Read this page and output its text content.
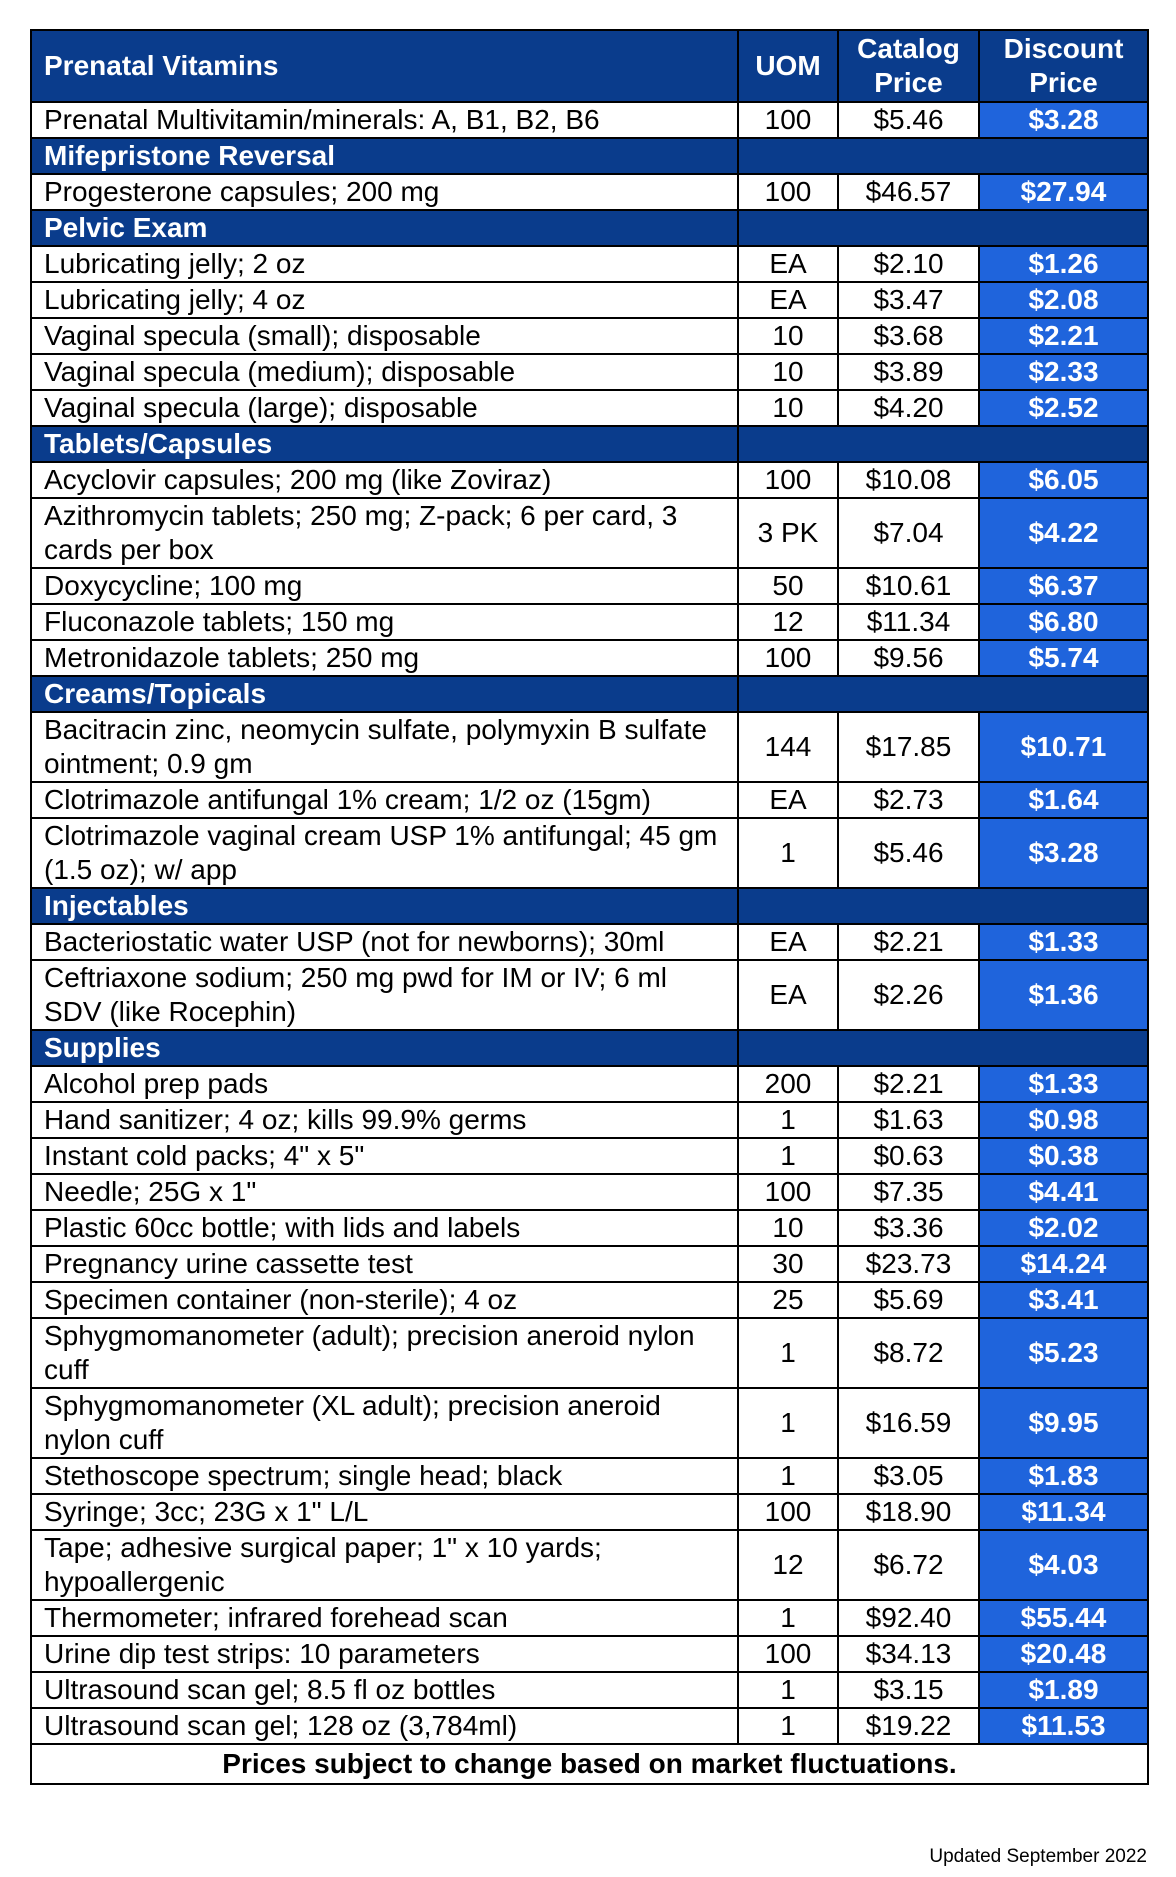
Prenatal Vitamins	UOM	Catalog Price	Discount Price
Prenatal Multivitamin/minerals: A, B1, B2, B6	100	$5.46	$3.28
Mifepristone Reversal			
Progesterone capsules; 200 mg	100	$46.57	$27.94
Pelvic Exam			
Lubricating jelly; 2 oz	EA	$2.10	$1.26
Lubricating jelly; 4 oz	EA	$3.47	$2.08
Vaginal specula (small); disposable	10	$3.68	$2.21
Vaginal specula (medium); disposable	10	$3.89	$2.33
Vaginal specula (large); disposable	10	$4.20	$2.52
Tablets/Capsules			
Acyclovir capsules; 200 mg (like Zoviraz)	100	$10.08	$6.05
Azithromycin tablets; 250 mg; Z-pack; 6 per card, 3 cards per box	3 PK	$7.04	$4.22
Doxycycline; 100 mg	50	$10.61	$6.37
Fluconazole tablets; 150 mg	12	$11.34	$6.80
Metronidazole tablets; 250 mg	100	$9.56	$5.74
Creams/Topicals			
Bacitracin zinc, neomycin sulfate, polymyxin B sulfate ointment; 0.9 gm	144	$17.85	$10.71
Clotrimazole antifungal 1% cream; 1/2 oz (15gm)	EA	$2.73	$1.64
Clotrimazole vaginal cream USP 1% antifungal; 45 gm (1.5 oz); w/ app	1	$5.46	$3.28
Injectables			
Bacteriostatic water USP (not for newborns); 30ml	EA	$2.21	$1.33
Ceftriaxone sodium; 250 mg pwd for IM or IV; 6 ml SDV (like Rocephin)	EA	$2.26	$1.36
Supplies			
Alcohol prep pads	200	$2.21	$1.33
Hand sanitizer; 4 oz; kills 99.9% germs	1	$1.63	$0.98
Instant cold packs; 4" x 5"	1	$0.63	$0.38
Needle; 25G x 1"	100	$7.35	$4.41
Plastic 60cc bottle; with lids and labels	10	$3.36	$2.02
Pregnancy urine cassette test	30	$23.73	$14.24
Specimen container (non-sterile); 4 oz	25	$5.69	$3.41
Sphygmomanometer (adult); precision aneroid nylon cuff	1	$8.72	$5.23
Sphygmomanometer (XL adult); precision aneroid nylon cuff	1	$16.59	$9.95
Stethoscope spectrum; single head; black	1	$3.05	$1.83
Syringe; 3cc; 23G x 1" L/L	100	$18.90	$11.34
Tape; adhesive surgical paper; 1" x 10 yards; hypoallergenic	12	$6.72	$4.03
Thermometer; infrared forehead scan	1	$92.40	$55.44
Urine dip test strips: 10 parameters	100	$34.13	$20.48
Ultrasound scan gel; 8.5 fl oz bottles	1	$3.15	$1.89
Ultrasound scan gel; 128 oz (3,784ml)	1	$19.22	$11.53
Prices subject to change based on market fluctuations.			
Updated September 2022
